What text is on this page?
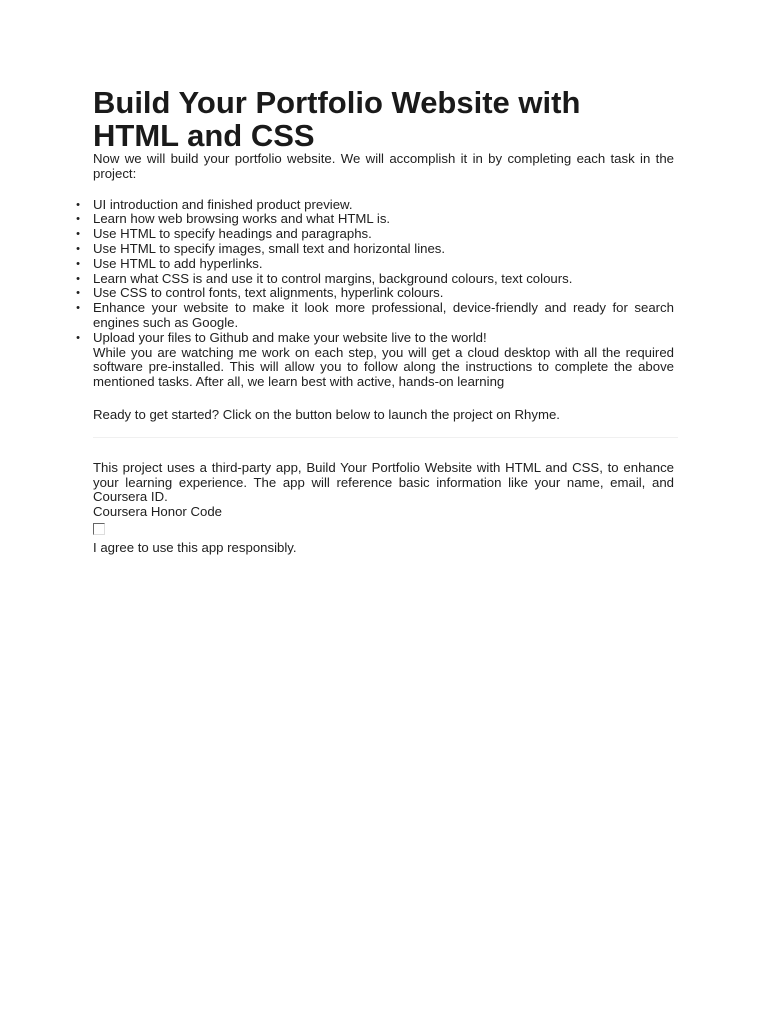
Build Your Portfolio Website with HTML and CSS

Now we will build your portfolio website. We will accomplish it in by completing each task in the project:

• UI introduction and finished product preview.
• Learn how web browsing works and what HTML is.
• Use HTML to specify headings and paragraphs.
• Use HTML to specify images, small text and horizontal lines.
• Use HTML to add hyperlinks.
• Learn what CSS is and use it to control margins, background colours, text colours.
• Use CSS to control fonts, text alignments, hyperlink colours.
• Enhance your website to make it look more professional, device-friendly and ready for search engines such as Google.
• Upload your files to Github and make your website live to the world!

While you are watching me work on each step, you will get a cloud desktop with all the required software pre-installed. This will allow you to follow along the instructions to complete the above mentioned tasks. After all, we learn best with active, hands-on learning

Ready to get started? Click on the button below to launch the project on Rhyme.

This project uses a third-party app, Build Your Portfolio Website with HTML and CSS, to enhance your learning experience. The app will reference basic information like your name, email, and Coursera ID.

Coursera Honor Code

I agree to use this app responsibly.
